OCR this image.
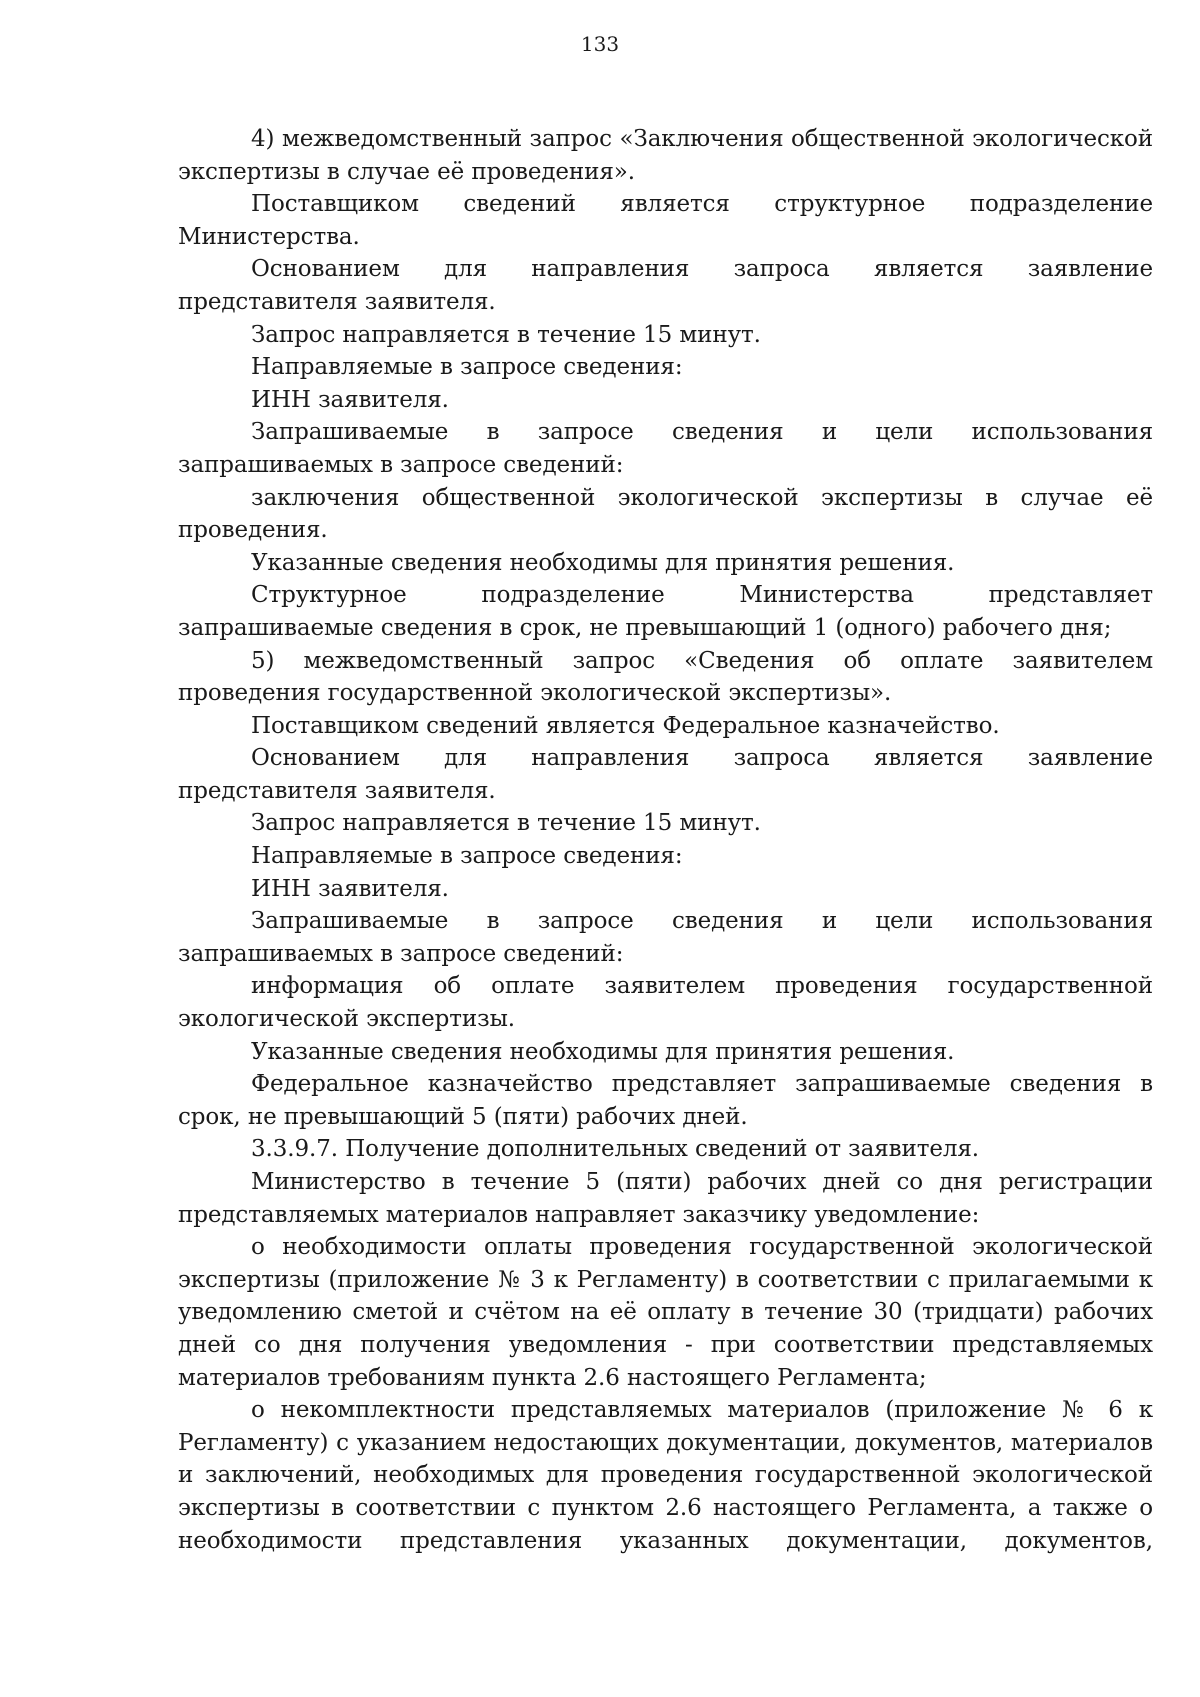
133

4) межведомственный запрос «Заключения общественной экологической экспертизы в случае её проведения».

Поставщиком сведений является структурное подразделение Министерства.

Основанием для направления запроса является заявление представителя заявителя.

Запрос направляется в течение 15 минут.

Направляемые в запросе сведения:

ИНН заявителя.

Запрашиваемые в запросе сведения и цели использования запрашиваемых в запросе сведений:

заключения общественной экологической экспертизы в случае её проведения.

Указанные сведения необходимы для принятия решения.

Структурное подразделение Министерства представляет запрашиваемые сведения в срок, не превышающий 1 (одного) рабочего дня;

5) межведомственный запрос «Сведения об оплате заявителем проведения государственной экологической экспертизы».

Поставщиком сведений является Федеральное казначейство.

Основанием для направления запроса является заявление представителя заявителя.

Запрос направляется в течение 15 минут.

Направляемые в запросе сведения:

ИНН заявителя.

Запрашиваемые в запросе сведения и цели использования запрашиваемых в запросе сведений:

информация об оплате заявителем проведения государственной экологической экспертизы.

Указанные сведения необходимы для принятия решения.

Федеральное казначейство представляет запрашиваемые сведения в срок, не превышающий 5 (пяти) рабочих дней.

3.3.9.7. Получение дополнительных сведений от заявителя.

Министерство в течение 5 (пяти) рабочих дней со дня регистрации представляемых материалов направляет заказчику уведомление:

о необходимости оплаты проведения государственной экологической экспертизы (приложение № 3 к Регламенту) в соответствии с прилагаемыми к уведомлению сметой и счётом на её оплату в течение 30 (тридцати) рабочих дней со дня получения уведомления - при соответствии представляемых материалов требованиям пункта 2.6 настоящего Регламента;

о некомплектности представляемых материалов (приложение № 6 к Регламенту) с указанием недостающих документации, документов, материалов и заключений, необходимых для проведения государственной экологической экспертизы в соответствии с пунктом 2.6 настоящего Регламента, а также о необходимости представления указанных документации, документов,
